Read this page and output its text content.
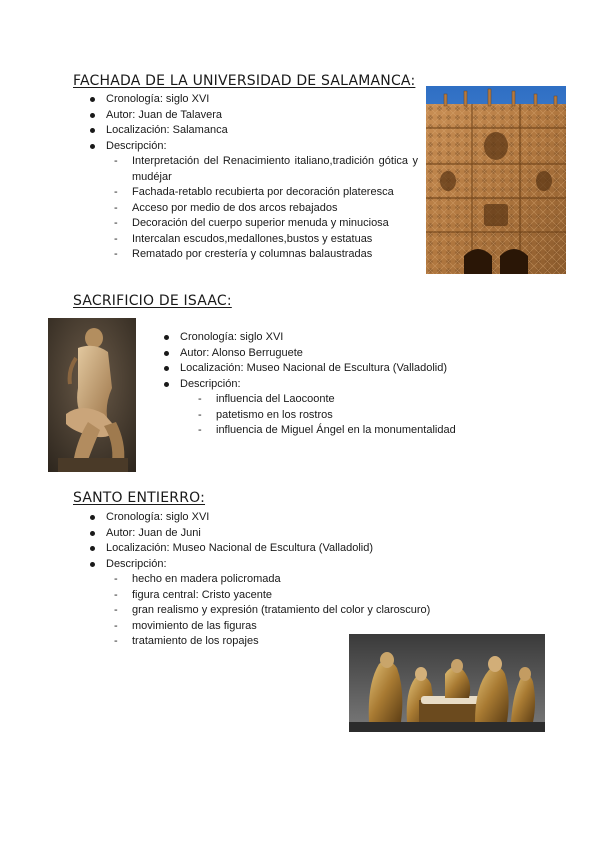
FACHADA DE LA UNIVERSIDAD DE SALAMANCA:
Cronología: siglo XVI
Autor: Juan de Talavera
Localización: Salamanca
Descripción:
- Interpretación del Renacimiento italiano,tradición gótica y mudéjar
- Fachada-retablo recubierta por decoración plateresca
- Acceso por medio de dos arcos rebajados
- Decoración del cuerpo superior menuda y minuciosa
- Intercalan escudos,medallones,bustos y estatuas
- Rematado por crestería y columnas balaustradas
SACRIFICIO DE ISAAC:
Cronología: siglo XVI
Autor: Alonso Berruguete
Localización: Museo Nacional de Escultura (Valladolid)
Descripción:
- influencia del Laocoonte
- patetismo en los rostros
- influencia de Miguel Ángel en la monumentalidad
SANTO ENTIERRO:
Cronología: siglo XVI
Autor: Juan de Juni
Localización: Museo Nacional de Escultura (Valladolid)
Descripción:
- hecho en madera policromada
- figura central: Cristo yacente
- gran realismo y expresión (tratamiento del color y claroscuro)
- movimiento de las figuras
- tratamiento de los ropajes
